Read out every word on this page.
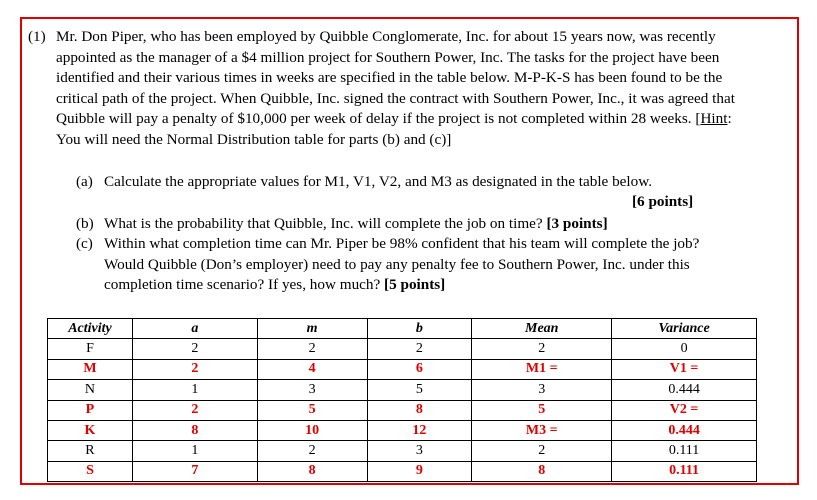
(1) Mr. Don Piper, who has been employed by Quibble Conglomerate, Inc. for about 15 years now, was recently appointed as the manager of a $4 million project for Southern Power, Inc. The tasks for the project have been identified and their various times in weeks are specified in the table below. M-P-K-S has been found to be the critical path of the project. When Quibble, Inc. signed the contract with Southern Power, Inc., it was agreed that Quibble will pay a penalty of $10,000 per week of delay if the project is not completed within 28 weeks. [Hint: You will need the Normal Distribution table for parts (b) and (c)]
(a) Calculate the appropriate values for M1, V1, V2, and M3 as designated in the table below.
[6 points]
(b) What is the probability that Quibble, Inc. will complete the job on time? [3 points]
(c) Within what completion time can Mr. Piper be 98% confident that his team will complete the job? Would Quibble (Don’s employer) need to pay any penalty fee to Southern Power, Inc. under this completion time scenario? If yes, how much? [5 points]
Activity	a	m	b	Mean	Variance
F	2	2	2	2	0
M	2	4	6	M1 =	V1 =
N	1	3	5	3	0.444
P	2	5	8	5	V2 =
K	8	10	12	M3 =	0.444
R	1	2	3	2	0.111
S	7	8	9	8	0.111
